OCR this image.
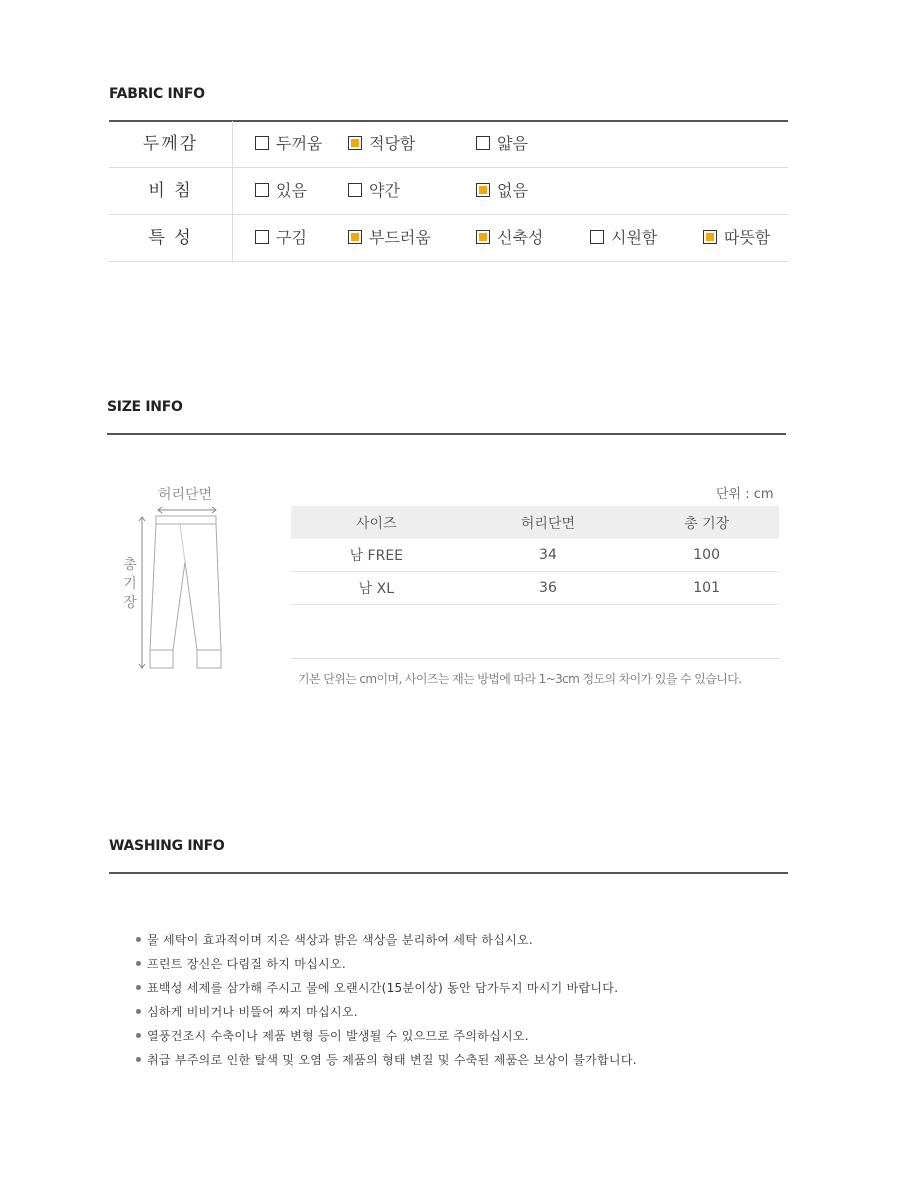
FABRIC INFO
두께감	두꺼움	적당함	얇음
비 침	있음	약간	없음
특 성	구김	부드러움	신축성	시원함	따뜻함
SIZE INFO
허리단면
총 기 장
단위 : cm
사이즈	허리단면	총 기장
남 FREE	34	100
남 XL	36	101
기본 단위는 cm이며, 사이즈는 재는 방법에 따라 1~3cm 정도의 차이가 있을 수 있습니다.
WASHING INFO
물 세탁이 효과적이며 지은 색상과 밝은 색상을 분리하여 세탁 하십시오.
프린트 장신은 다림질 하지 마십시오.
표백성 세제를 삼가해 주시고 물에 오랜시간(15분이상) 동안 담가두지 마시기 바랍니다.
심하게 비비거나 비뜰어 짜지 마십시오.
열풍건조시 수축이나 제품 변형 등이 발생될 수 있으므로 주의하십시오.
취급 부주의로 인한 탈색 및 오염 등 제품의 형태 변질 및 수축된 제품은 보상이 불가합니다.
